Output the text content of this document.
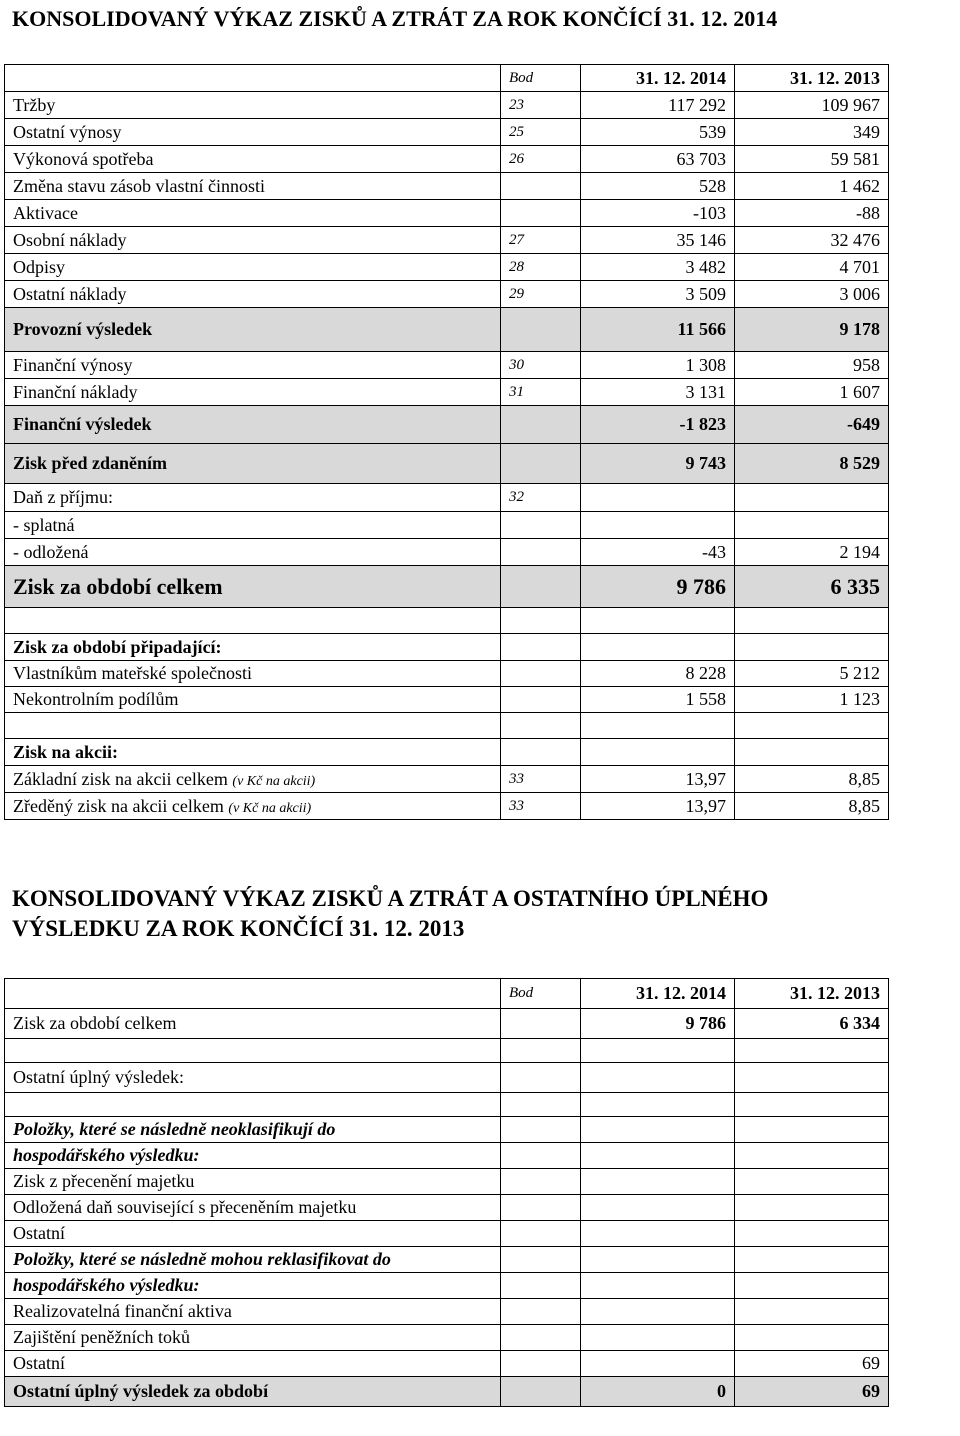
KONSOLIDOVANÝ VÝKAZ ZISKŮ A ZTRÁT ZA ROK KONČÍCÍ 31. 12. 2014
	Bod	31. 12. 2014	31. 12. 2013
Tržby	23	117 292	109 967
Ostatní výnosy	25	539	349
Výkonová spotřeba	26	63 703	59 581
Změna stavu zásob vlastní činnosti		528	1 462
Aktivace		-103	-88
Osobní náklady	27	35 146	32 476
Odpisy	28	3 482	4 701
Ostatní náklady	29	3 509	3 006
Provozní výsledek		11 566	9 178
Finanční výnosy	30	1 308	958
Finanční náklady	31	3 131	1 607
Finanční výsledek		-1 823	-649
Zisk před zdaněním		9 743	8 529
Daň z příjmu:	32		
- splatná			
- odložená		-43	2 194
Zisk za období celkem		9 786	6 335

Zisk za období připadající:			
Vlastníkům mateřské společnosti		8 228	5 212
Nekontrolním podílům		1 558	1 123

Zisk na akcii:			
Základní zisk na akcii celkem (v Kč na akcii)	33	13,97	8,85
Zředěný zisk na akcii celkem (v Kč na akcii)	33	13,97	8,85
KONSOLIDOVANÝ VÝKAZ ZISKŮ A ZTRÁT A OSTATNÍHO ÚPLNÉHO
VÝSLEDKU ZA ROK KONČÍCÍ 31. 12. 2013
	Bod	31. 12. 2014	31. 12. 2013
Zisk za období celkem		9 786	6 334

Ostatní úplný výsledek:			

Položky, které se následně neoklasifikují do			
hospodářského výsledku:			
Zisk z přecenění majetku			
Odložená daň související s přeceněním majetku			
Ostatní			
Položky, které se následně mohou reklasifikovat do			
hospodářského výsledku:			
Realizovatelná finanční aktiva			
Zajištění peněžních toků			
Ostatní			69
Ostatní úplný výsledek za období		0	69
